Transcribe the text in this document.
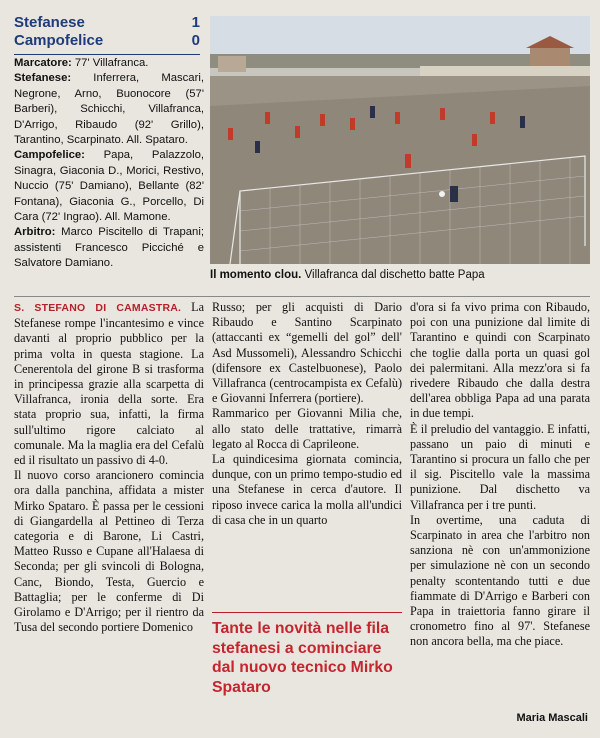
Stefanese	1
Campofelice	0

Marcatore: 77' Villafranca.

Stefanese: Inferrera, Mascari, Negrone, Arno, Buonocore (57' Barberi), Schicchi, Villafranca, D'Arrigo, Ribaudo (92' Grillo), Tarantino, Scarpinato. All. Spataro.

Campofelice: Papa, Palazzolo, Sinagra, Giaconia D., Morici, Restivo, Nuccio (75' Damiano), Bellante (82' Fontana), Giaconia G., Porcello, Di Cara (72' Ingrao). All. Mamone.

Arbitro: Marco Piscitello di Trapani; assistenti Francesco Picciché e Salvatore Damiano.

Il momento clou. Villafranca dal dischetto batte Papa

S. STEFANO DI CAMASTRA. La Stefanese rompe l'incantesimo e vince davanti al proprio pubblico per la prima volta in questa stagione. La Cenerentola del girone B si trasforma in principessa grazie alla scarpetta di Villafranca, ironia della sorte. Era stata proprio sua, infatti, la firma sull'ultimo rigore calciato al comunale. Ma la maglia era del Cefalù ed il risultato un passivo di 4-0.

Il nuovo corso arancionero comincia ora dalla panchina, affidata a mister Mirko Spataro. È passa per le cessioni di Giangardella al Pettineo di Terza categoria e di Barone, Li Castri, Matteo Russo e Cupane all'Halaesa di Seconda; per gli svincoli di Bologna, Canc, Biondo, Testa, Guercio e Battaglia; per le conferme di Di Girolamo e D'Arrigo; per il rientro da Tusa del secondo portiere Domenico

Russo; per gli acquisti di Dario Ribaudo e Santino Scarpinato (attaccanti ex “gemelli del gol” dell' Asd Mussomeli), Alessandro Schicchi (difensore ex Castelbuonese), Paolo Villafranca (centrocampista ex Cefalù) e Giovanni Inferrera (portiere).

Rammarico per Giovanni Milia che, allo stato delle trattative, rimarrà legato al Rocca di Caprileone.

La quindicesima giornata comincia, dunque, con un primo tempo-studio ed una Stefanese in cerca d'autore. Il riposo invece carica la molla all'undici di casa che in un quarto

Tante le novità nelle fila stefanesi a cominciare dal nuovo tecnico Mirko Spataro

d'ora si fa vivo prima con Ribaudo, poi con una punizione dal limite di Tarantino e quindi con Scarpinato che toglie dalla porta un quasi gol dei palermitani. Alla mezz'ora si fa rivedere Ribaudo che dalla destra dell'area obbliga Papa ad una parata in due tempi.

È il preludio del vantaggio. E infatti, passano un paio di minuti e Tarantino si procura un fallo che per il sig. Piscitello vale la massima punizione. Dal dischetto va Villafranca per i tre punti.

In overtime, una caduta di Scarpinato in area che l'arbitro non sanziona nè con un'ammonizione per simulazione nè con un secondo penalty scontentando tutti e due fiammate di D'Arrigo e Barberi con Papa in traiettoria fanno girare il cronometro fino al 97'. Stefanese non ancora bella, ma che piace.

Maria Mascali
